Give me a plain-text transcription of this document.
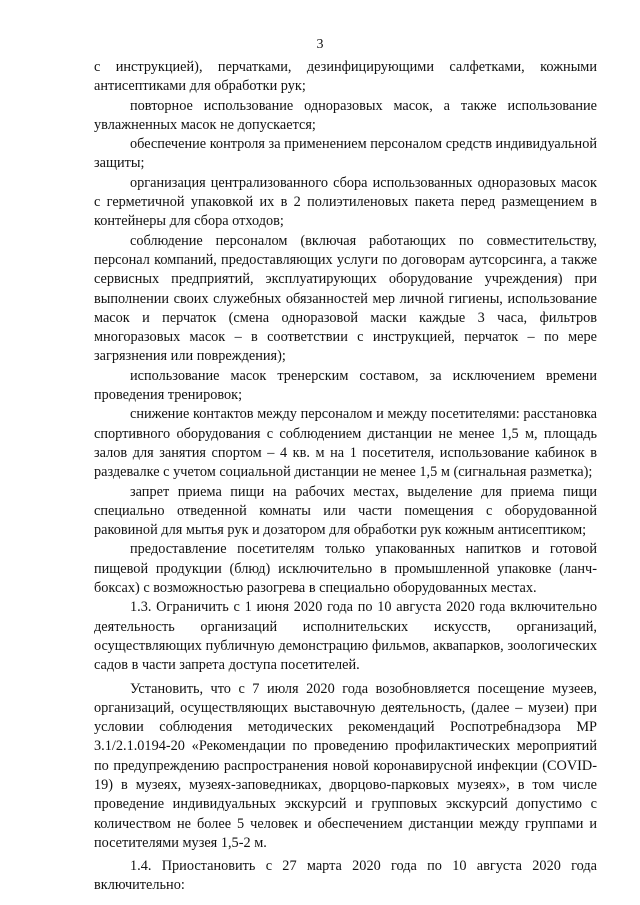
3

с инструкцией), перчатками, дезинфицирующими салфетками, кожными антисептиками для обработки рук;

повторное использование одноразовых масок, а также использование увлажненных масок не допускается;

обеспечение контроля за применением персоналом средств индивидуальной защиты;

организация централизованного сбора использованных одноразовых масок с герметичной упаковкой их в 2 полиэтиленовых пакета перед размещением в контейнеры для сбора отходов;

соблюдение персоналом (включая работающих по совместительству, персонал компаний, предоставляющих услуги по договорам аутсорсинга, а также сервисных предприятий, эксплуатирующих оборудование учреждения) при выполнении своих служебных обязанностей мер личной гигиены, использование масок и перчаток (смена одноразовой маски каждые 3 часа, фильтров многоразовых масок – в соответствии с инструкцией, перчаток – по мере загрязнения или повреждения);

использование масок тренерским составом, за исключением времени проведения тренировок;

снижение контактов между персоналом и между посетителями: расстановка спортивного оборудования с соблюдением дистанции не менее 1,5 м, площадь залов для занятия спортом – 4 кв. м на 1 посетителя, использование кабинок в раздевалке с учетом социальной дистанции не менее 1,5 м (сигнальная разметка);

запрет приема пищи на рабочих местах, выделение для приема пищи специально отведенной комнаты или части помещения с оборудованной раковиной для мытья рук и дозатором для обработки рук кожным антисептиком;

предоставление посетителям только упакованных напитков и готовой пищевой продукции (блюд) исключительно в промышленной упаковке (ланч-боксах) с возможностью разогрева в специально оборудованных местах.

1.3. Ограничить с 1 июня 2020 года по 10 августа 2020 года включительно деятельность организаций исполнительских искусств, организаций, осуществляющих публичную демонстрацию фильмов, аквапарков, зоологических садов в части запрета доступа посетителей.

Установить, что с 7 июля 2020 года возобновляется посещение музеев, организаций, осуществляющих выставочную деятельность, (далее – музеи) при условии соблюдения методических рекомендаций Роспотребнадзора МР 3.1/2.1.0194-20 «Рекомендации по проведению профилактических мероприятий по предупреждению распространения новой коронавирусной инфекции (COVID-19) в музеях, музеях-заповедниках, дворцово-парковых музеях», в том числе проведение индивидуальных экскурсий и групповых экскурсий допустимо с количеством не более 5 человек и обеспечением дистанции между группами и посетителями музея 1,5-2 м.

1.4. Приостановить с 27 марта 2020 года по 10 августа 2020 года включительно:
